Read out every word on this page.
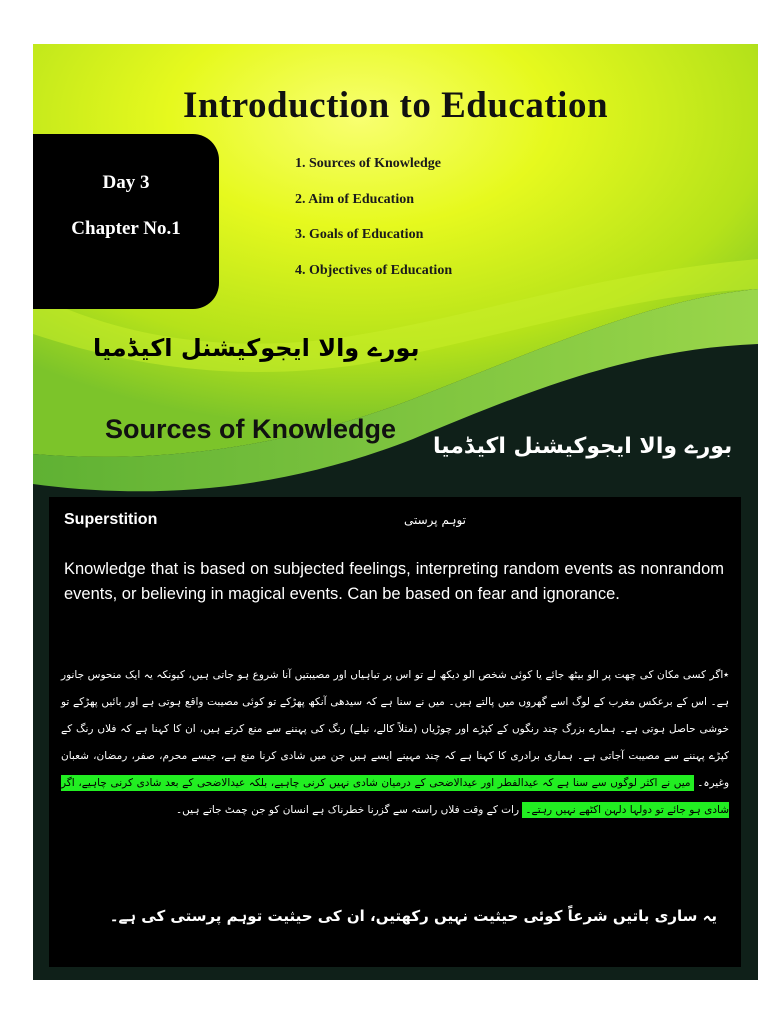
Introduction to Education
Day 3
Chapter No.1
1. Sources of Knowledge
2. Aim of Education
3. Goals of Education
4. Objectives of Education
بورے والا ایجوکیشنل اکیڈمیا
Sources of Knowledge
بورے والا ایجوکیشنل اکیڈمیا
Superstition	توہم پرستی
Knowledge that is based on subjected feelings, interpreting random events as nonrandom events, or believing in magical events. Can be based on fear and ignorance.
٭اگر کسی مکان کی چھت پر الو بیٹھ جائے یا کوئی شخص الو دیکھ لے تو اس پر تباہیاں اور مصیبتیں آنا شروع ہو جاتی ہیں، کیونکہ یہ ایک منحوس جانور ہے۔ اس کے برعکس مغرب کے لوگ اسے گھروں میں پالتے ہیں۔ میں نے سنا ہے کہ سیدھی آنکھ پھڑکے تو کوئی مصیبت واقع ہوتی ہے اور بائیں پھڑکے تو خوشی حاصل ہوتی ہے۔ ہمارے بزرگ چند رنگوں کے کپڑے اور چوڑیاں (مثلاً کالے، نیلے) رنگ کی پہننے سے منع کرتے ہیں، ان کا کہنا ہے کہ فلاں رنگ کے کپڑے پہننے سے مصیبت آجاتی ہے۔ ہماری برادری کا کہنا ہے کہ چند مہینے ایسے ہیں جن میں شادی کرنا منع ہے، جیسے محرم، صفر، رمضان، شعبان وغیرہ۔ میں نے اکثر لوگوں سے سنا ہے کہ عیدالفطر اور عیدالاضحی کے درمیان شادی نہیں کرنی چاہیے، بلکہ عیدالاضحی کے بعد شادی کرنی چاہیے، اگر شادی ہو جائے تو دولہا دلہن اکٹھے نہیں رہتے۔ رات کے وقت فلاں راستہ سے گزرنا خطرناک ہے انسان کو جن چمٹ جاتے ہیں۔
یہ ساری باتیں شرعاً کوئی حیثیت نہیں رکھتیں، ان کی حیثیت توہم پرستی کی ہے۔
